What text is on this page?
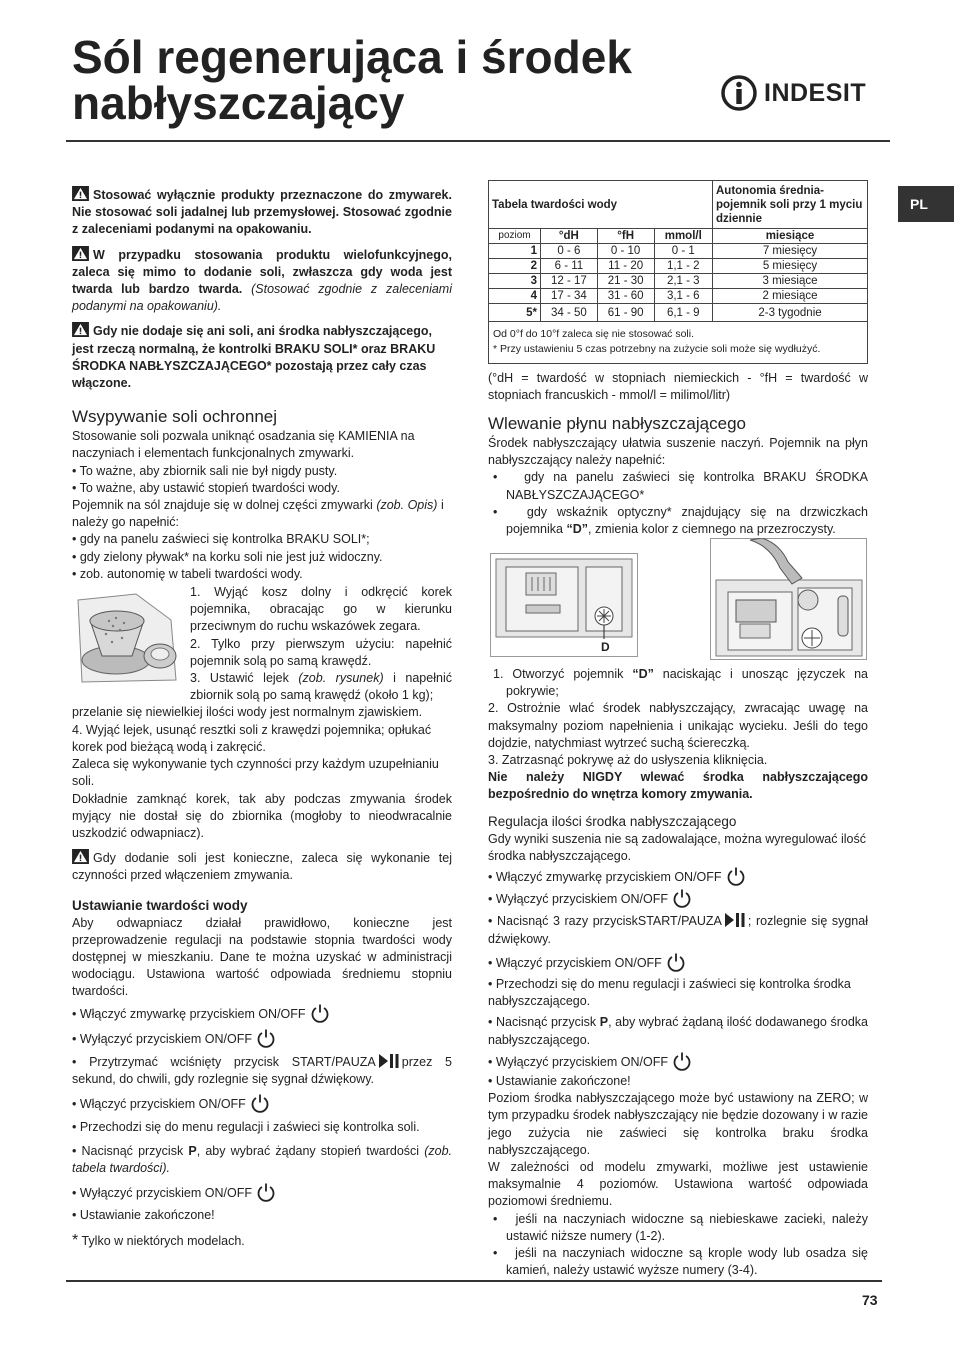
Sól regenerująca i środek
nabłyszczający	INDESIT
PL

Stosować wyłącznie produkty przeznaczone do zmywarek. Nie stosować soli jadalnej lub przemysłowej. Stosować zgodnie z zaleceniami podanymi na opakowaniu.

W przypadku stosowania produktu wielofunkcyjnego, zaleca się mimo to dodanie soli, zwłaszcza gdy woda jest twarda lub bardzo twarda. (Stosować zgodnie z zaleceniami podanymi na opakowaniu).

Gdy nie dodaje się ani soli, ani środka nabłyszczającego, jest rzeczą normalną, że kontrolki BRAKU SOLI* oraz BRAKU ŚRODKA NABŁYSZCZAJĄCEGO* pozostają przez cały czas włączone.

Wsypywanie soli ochronnej

Stosowanie soli pozwala uniknąć osadzania się KAMIENIA na naczyniach i elementach funkcjonalnych zmywarki.

• To ważne, aby zbiornik sali nie był nigdy pusty.

• To ważne, aby ustawić stopień twardości wody.

Pojemnik na sól znajduje się w dolnej części zmywarki (zob. Opis) i należy go napełnić:

• gdy na panelu zaświeci się kontrolka BRAKU SOLI*;

• gdy zielony pływak* na korku soli nie jest już widoczny.

• zob. autonomię w tabeli twardości wody.

1. Wyjąć kosz dolny i odkręcić korek pojemnika, obracając go w kierunku przeciwnym do ruchu wskazówek zegara.

2. Tylko przy pierwszym użyciu: napełnić pojemnik solą po samą krawędź.

3. Ustawić lejek (zob. rysunek) i napełnić zbiornik solą po samą krawędź (około 1 kg);

przelanie się niewielkiej ilości wody jest normalnym zjawiskiem.

4. Wyjąć lejek, usunąć resztki soli z krawędzi pojemnika; opłukać korek pod bieżącą wodą i zakręcić.

Zaleca się wykonywanie tych czynności przy każdym uzupełnianiu soli.

Dokładnie zamknąć korek, tak aby podczas zmywania środek myjący nie dostał się do zbiornika (mogłoby to nieodwracalnie uszkodzić odwapniacz).

Gdy dodanie soli jest konieczne, zaleca się wykonanie tej czynności przed włączeniem zmywania.

Ustawianie twardości wody

Aby odwapniacz działał prawidłowo, konieczne jest przeprowadzenie regulacji na podstawie stopnia twardości wody dostępnej w mieszkaniu. Dane te można uzyskać w administracji wodociągu. Ustawiona wartość odpowiada średniemu stopniu twardości.

• Włączyć zmywarkę przyciskiem ON/OFF

• Wyłączyć przyciskiem ON/OFF

• Przytrzymać wciśnięty przycisk START/PAUZA przez 5 sekund, do chwili, gdy rozlegnie się sygnał dźwiękowy.

• Włączyć przyciskiem ON/OFF

• Przechodzi się do menu regulacji i zaświeci się kontrolka soli.

• Nacisnąć przycisk P, aby wybrać żądany stopień twardości (zob. tabela twardości).

• Wyłączyć przyciskiem ON/OFF

• Ustawianie zakończone!

* Tylko w niektórych modelach.

Tabela twardości wody				Autonomia średnia-pojemnik soli przy 1 myciu dziennie
poziom	°dH	°fH	mmol/l	miesiące
1	0 - 6	0 - 10	0 - 1	7 miesięcy
2	6 - 11	11 - 20	1,1 - 2	5 miesięcy
3	12 - 17	21 - 30	2,1 - 3	3 miesiące
4	17 - 34	31 - 60	3,1 - 6	2 miesiące
5*	34 - 50	61 - 90	6,1 - 9	2-3 tygodnie

Od 0°f do 10°f zaleca się nie stosować soli.
* Przy ustawieniu 5 czas potrzebny na zużycie soli może się wydłużyć.				
(°dH = twardość w stopniach niemieckich - °fH = twardość w stopniach francuskich - mmol/l = milimol/litr)
Wlewanie płynu nabłyszczającego

Środek nabłyszczający ułatwia suszenie naczyń. Pojemnik na płyn nabłyszczający należy napełnić:

•   gdy na panelu zaświeci się kontrolka BRAKU ŚRODKA NABŁYSZCZAJĄCEGO*

•   gdy wskaźnik optyczny* znajdujący się na drzwiczkach pojemnika “D”, zmienia kolor z ciemnego na przezroczysty.

D

1. Otworzyć pojemnik “D” naciskając i unosząc języczek na pokrywie;

2. Ostrożnie wlać środek nabłyszczający, zwracając uwagę na maksymalny poziom napełnienia i unikając wycieku. Jeśli do tego dojdzie, natychmiast wytrzeć suchą ściereczką.

3. Zatrzasnąć pokrywę aż do usłyszenia kliknięcia.

Nie należy NIGDY wlewać środka nabłyszczającego bezpośrednio do wnętrza komory zmywania.

Regulacja ilości środka nabłyszczającego

Gdy wyniki suszenia nie są zadowalające, można wyregulować ilość środka nabłyszczającego.

• Włączyć zmywarkę przyciskiem ON/OFF

• Wyłączyć przyciskiem ON/OFF

• Nacisnąć 3 razy przyciskSTART/PAUZA ; rozlegnie się sygnał dźwiękowy.

• Włączyć przyciskiem ON/OFF

• Przechodzi się do menu regulacji i zaświeci się kontrolka środka nabłyszczającego.

• Nacisnąć przycisk P, aby wybrać żądaną ilość dodawanego środka nabłyszczającego.

• Wyłączyć przyciskiem ON/OFF

• Ustawianie zakończone!

Poziom środka nabłyszczającego może być ustawiony na ZERO; w tym przypadku środek nabłyszczający nie będzie dozowany i w razie jego zużycia nie zaświeci się kontrolka braku środka nabłyszczającego.

W zależności od modelu zmywarki, możliwe jest ustawienie maksymalnie 4 poziomów. Ustawiona wartość odpowiada poziomowi średniemu.

•   jeśli na naczyniach widoczne są niebieskawe zacieki, należy ustawić niższe numery (1-2).

•   jeśli na naczyniach widoczne są krople wody lub osadza się kamień, należy ustawić wyższe numery (3-4).

73
